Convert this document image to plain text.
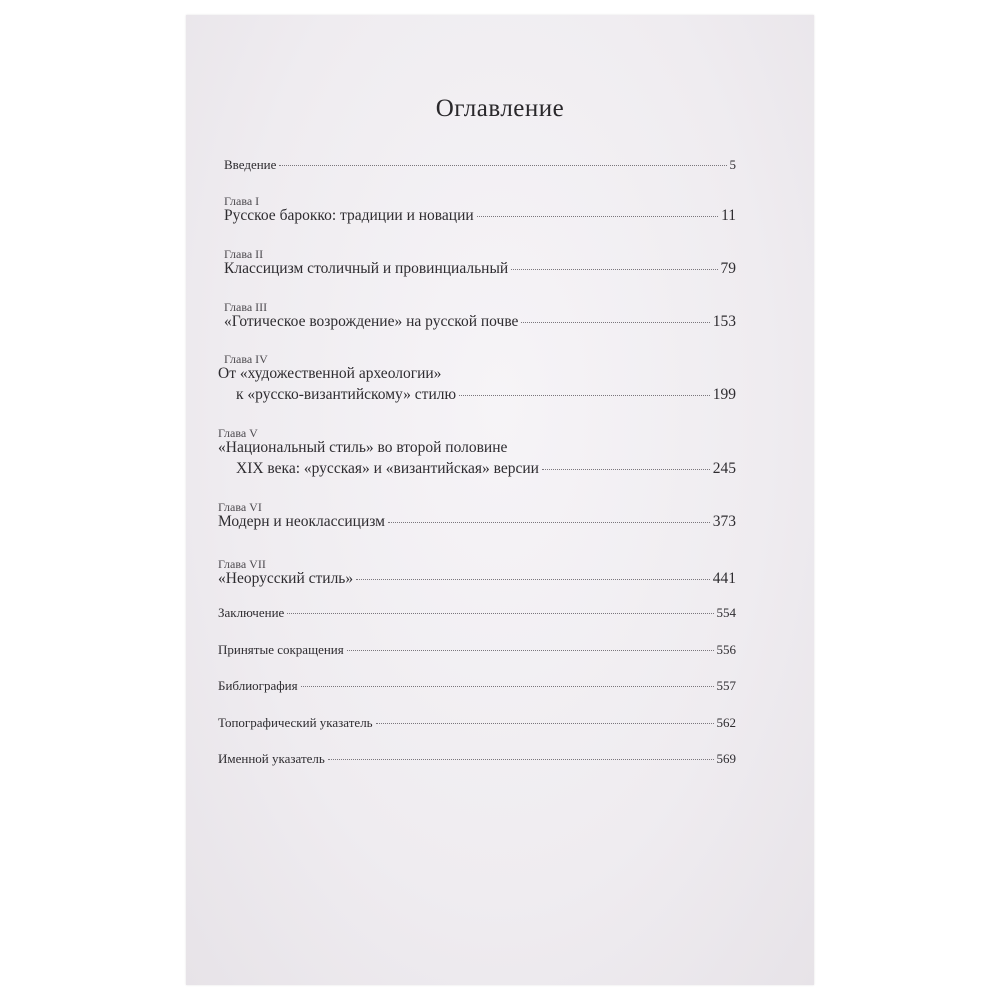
Оглавление
Введение	5
Глава I
Русское барокко: традиции и новации	11
Глава II
Классицизм столичный и провинциальный	79
Глава III
«Готическое возрождение» на русской почве	153
Глава IV
От «художественной археологии»
к «русско-византийскому» стилю	199
Глава V
«Национальный стиль» во второй половине
XIX века: «русская» и «византийская» версии	245
Глава VI
Модерн и неоклассицизм	373
Глава VII
«Неорусский стиль»	441
Заключение	554
Принятые сокращения	556
Библиография	557
Топографический указатель	562
Именной указатель	569
